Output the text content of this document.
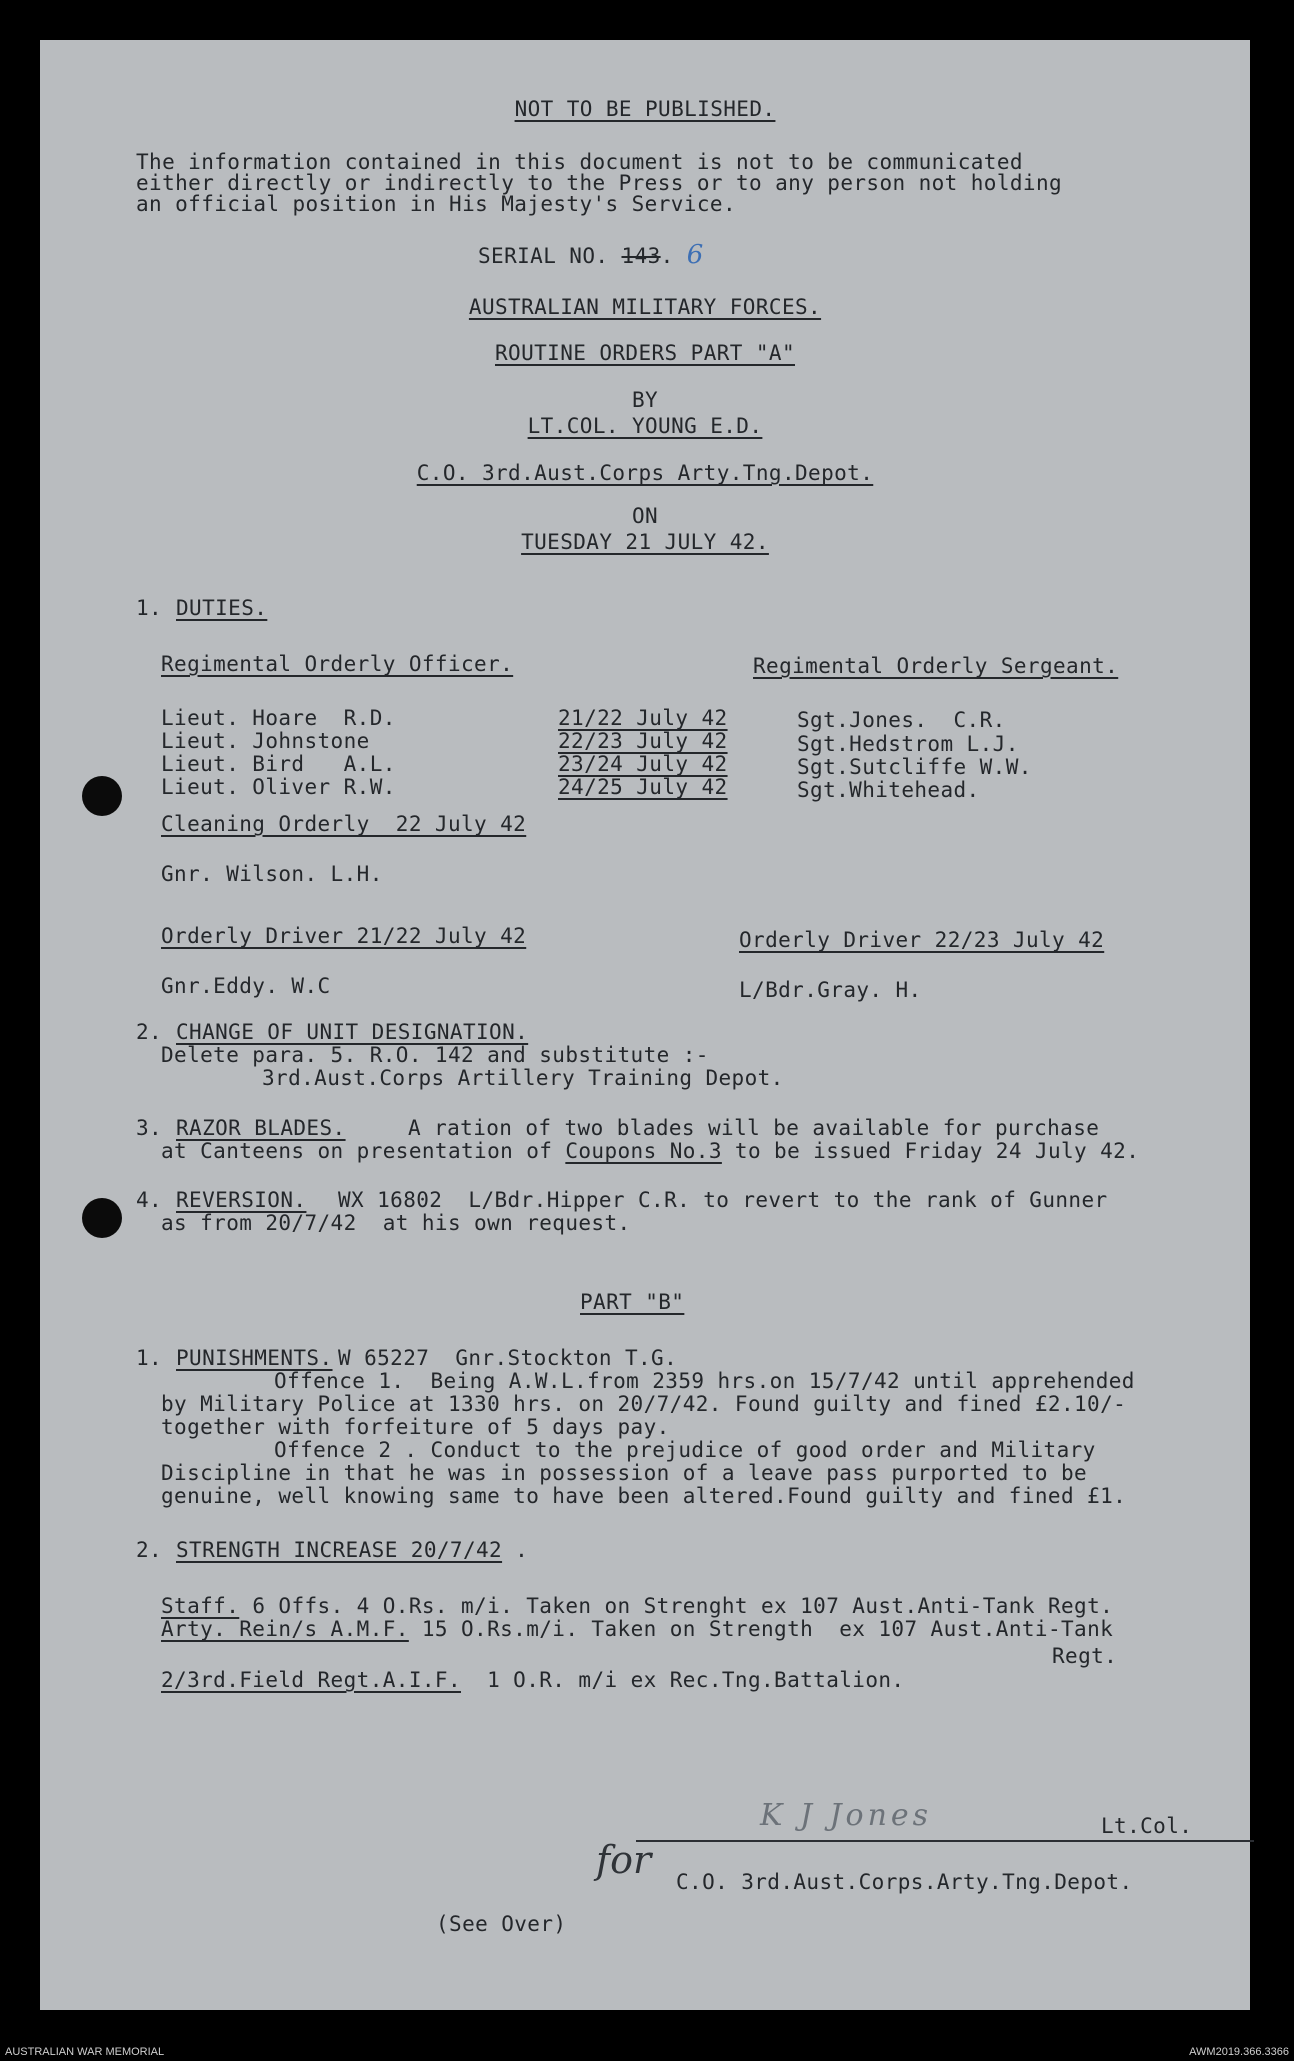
NOT TO BE PUBLISHED.
The information contained in this document is not to be communicated
either directly or indirectly to the Press or to any person not holding
an official position in His Majesty's Service.
SERIAL NO. 143. 6
AUSTRALIAN MILITARY FORCES.
ROUTINE ORDERS PART "A"
BY
LT.COL. YOUNG E.D.
C.O. 3rd.Aust.Corps Arty.Tng.Depot.
ON
TUESDAY 21 JULY 42.
1. DUTIES.
Regimental Orderly Officer.	Regimental Orderly Sergeant.
Lieut. Hoare  R.D.	21/22 July 42	Sgt.Jones.  C.R.
Lieut. Johnstone	22/23 July 42	Sgt.Hedstrom L.J.
Lieut. Bird   A.L.	23/24 July 42	Sgt.Sutcliffe W.W.
Lieut. Oliver R.W.	24/25 July 42	Sgt.Whitehead.
Cleaning Orderly  22 July 42
Gnr. Wilson. L.H.
Orderly Driver 21/22 July 42	Orderly Driver 22/23 July 42
Gnr.Eddy. W.C	L/Bdr.Gray. H.
2. CHANGE OF UNIT DESIGNATION.
Delete para. 5. R.O. 142 and substitute :-
3rd.Aust.Corps Artillery Training Depot.
3. RAZOR BLADES.	A ration of two blades will be available for purchase
at Canteens on presentation of Coupons No.3 to be issued Friday 24 July 42.
4. REVERSION. WX 16802  L/Bdr.Hipper C.R. to revert to the rank of Gunner
as from 20/7/42  at his own request.
PART "B"
1. PUNISHMENTS. W 65227  Gnr.Stockton T.G.
Offence 1.  Being A.W.L.from 2359 hrs.on 15/7/42 until apprehended
by Military Police at 1330 hrs. on 20/7/42. Found guilty and fined £2.10/-
together with forfeiture of 5 days pay.
Offence 2 . Conduct to the prejudice of good order and Military
Discipline in that he was in possession of a leave pass purported to be
genuine, well knowing same to have been altered.Found guilty and fined £1.
2. STRENGTH INCREASE 20/7/42 .
Staff. 6 Offs. 4 O.Rs. m/i. Taken on Strenght ex 107 Aust.Anti-Tank Regt.
Arty. Rein/s A.M.F. 15 O.Rs.m/i. Taken on Strength  ex 107 Aust.Anti-Tank
Regt.
2/3rd.Field Regt.A.I.F. 1 O.R. m/i ex Rec.Tng.Battalion.
K J Jones	Lt.Col.
for C.O. 3rd.Aust.Corps.Arty.Tng.Depot.
(See Over)
AUSTRALIAN WAR MEMORIAL	AWM2019.366.3366
